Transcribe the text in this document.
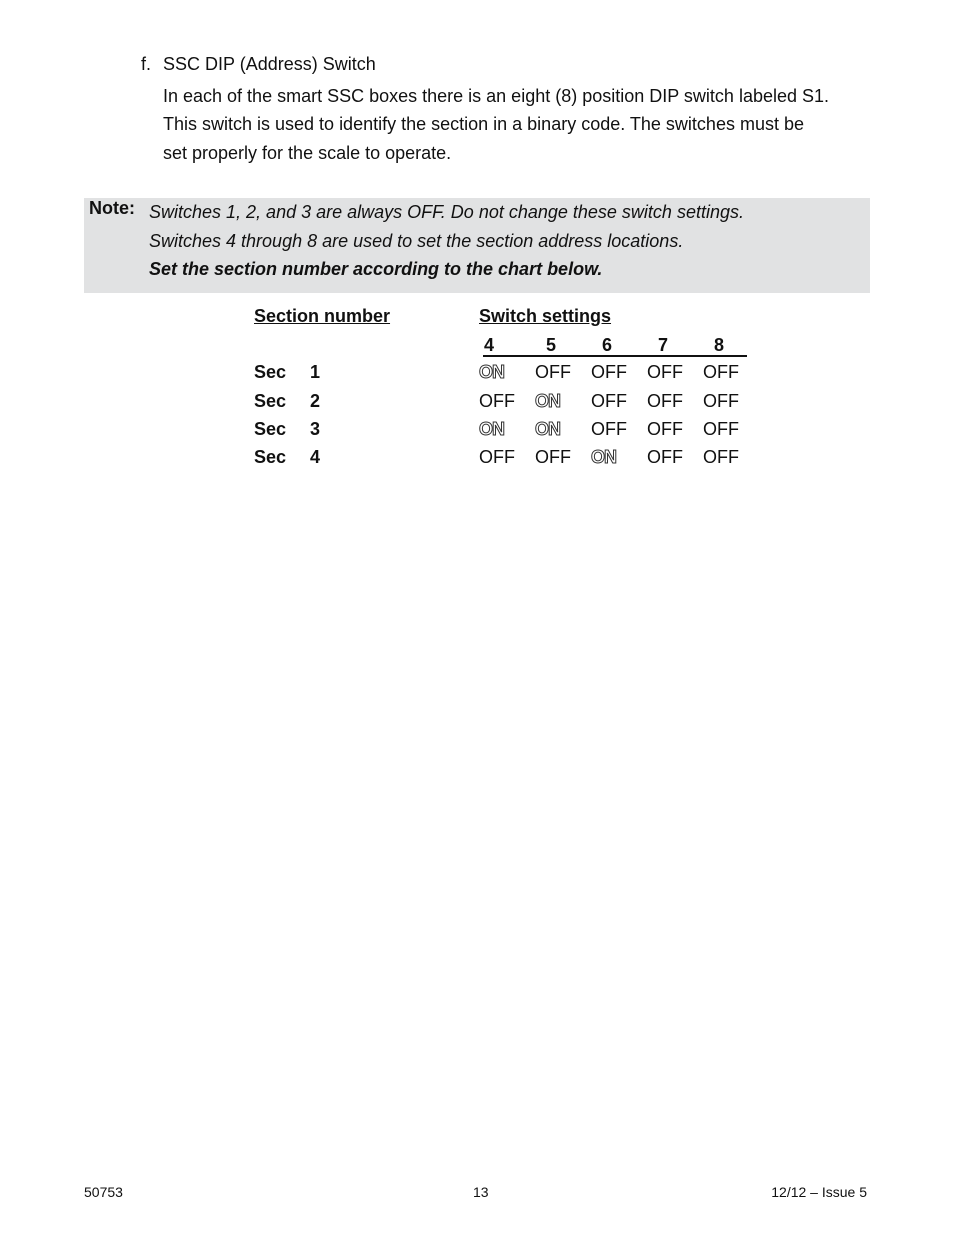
f. SSC DIP (Address) Switch
In each of the smart SSC boxes there is an eight (8) position DIP switch labeled S1.
This switch is used to identify the section in a binary code. The switches must be
set properly for the scale to operate.
Note: Switches 1, 2, and 3 are always OFF. Do not change these switch settings.
Switches 4 through 8 are used to set the section address locations.
Set the section number according to the chart below.
Section number	Switch settings
4	5	6	7	8
Sec 1	ON OFF OFF OFF OFF
Sec 2	OFF ON OFF OFF OFF
Sec 3	ON ON OFF OFF OFF
Sec 4	OFF OFF ON OFF OFF
50753	13	12/12 – Issue 5
